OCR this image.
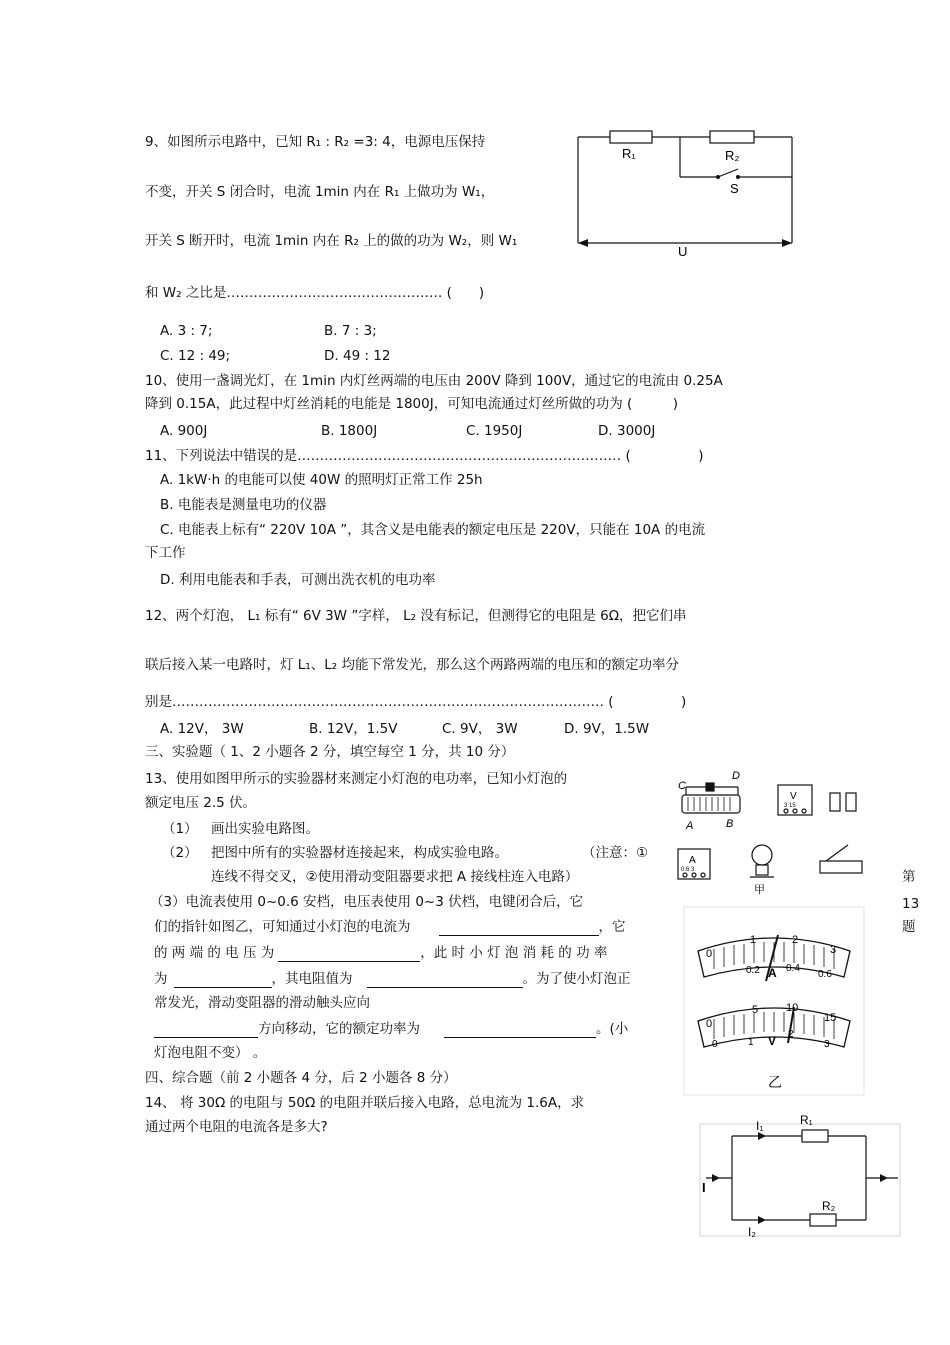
9、如图所示电路中，已知 R₁ : R₂ =3: 4，电源电压保持
不变，开关 S 闭合时，电流 1min 内在 R₁ 上做功为 W₁，
开关 S 断开时，电流 1min 内在 R₂ 上的做的功为 W₂，则 W₁
和 W₂ 之比是………………………………………… (　　)
A. 3 : 7;	B. 7 : 3;
C. 12 : 49;	D. 49 : 12
R₁	R₂
S
U
10、使用一盏调光灯，在 1min 内灯丝两端的电压由 200V 降到 100V，通过它的电流由 0.25A
降到 0.15A，此过程中灯丝消耗的电能是 1800J，可知电流通过灯丝所做的功为 (　　　)
A. 900J	B. 1800J	C. 1950J	D. 3000J
11、下列说法中错误的是……………………………………………………………… (　　　　　)
A. 1kW·h 的电能可以使 40W 的照明灯正常工作 25h
B. 电能表是测量电功的仪器
C. 电能表上标有“ 220V 10A ”，其含义是电能表的额定电压是 220V，只能在 10A 的电流
下工作
D. 利用电能表和手表，可测出洗衣机的电功率
12、两个灯泡， L₁ 标有“ 6V 3W ”字样， L₂ 没有标记，但测得它的电阻是 6Ω，把它们串
联后接入某一电路时，灯 L₁、L₂ 均能下常发光，那么这个两路两端的电压和的额定功率分
别是…………………………………………………………………………………… (　　　　　)
A. 12V， 3W	B. 12V，1.5V	C. 9V， 3W	D. 9V，1.5W
三、实验题（ 1、2 小题各 2 分，填空每空 1 分，共 10 分）
13、使用如图甲所示的实验器材来测定小灯泡的电功率，已知小灯泡的
额定电压 2.5 伏。
（1） 画出实验电路图。
（2） 把图中所有的实验器材连接起来，构成实验电路。	（注意：①
连线不得交叉，②使用滑动变阻器要求把 A 接线柱连入电路）
（3）电流表使用 0~0.6 安档，电压表使用 0~3 伏档，电键闭合后，它
们的指针如图乙，可知通过小灯泡的电流为	，它
的 两 端 的 电 压 为	，此 时 小 灯 泡 消 耗 的 功 率
为	，其电阻值为	。为了使小灯泡正
常发光，滑动变阻器的滑动触头应向
方向移动，它的额定功率为	。(小
灯泡电阻不变） 。
第
13
题
C
D
A	B
V
3 15
A
0.6 3
甲
0
1	2
3
0.2	0.4
0.6
A
0
5	10
15
1
2
3
0	V
乙
四、综合题（前 2 小题各 4 分，后 2 小题各 8 分）
14、 将 30Ω 的电阻与 50Ω 的电阻并联后接入电路，总电流为 1.6A，求
通过两个电阻的电流各是多大?
I
I₁	R₁
R₂
I₂
